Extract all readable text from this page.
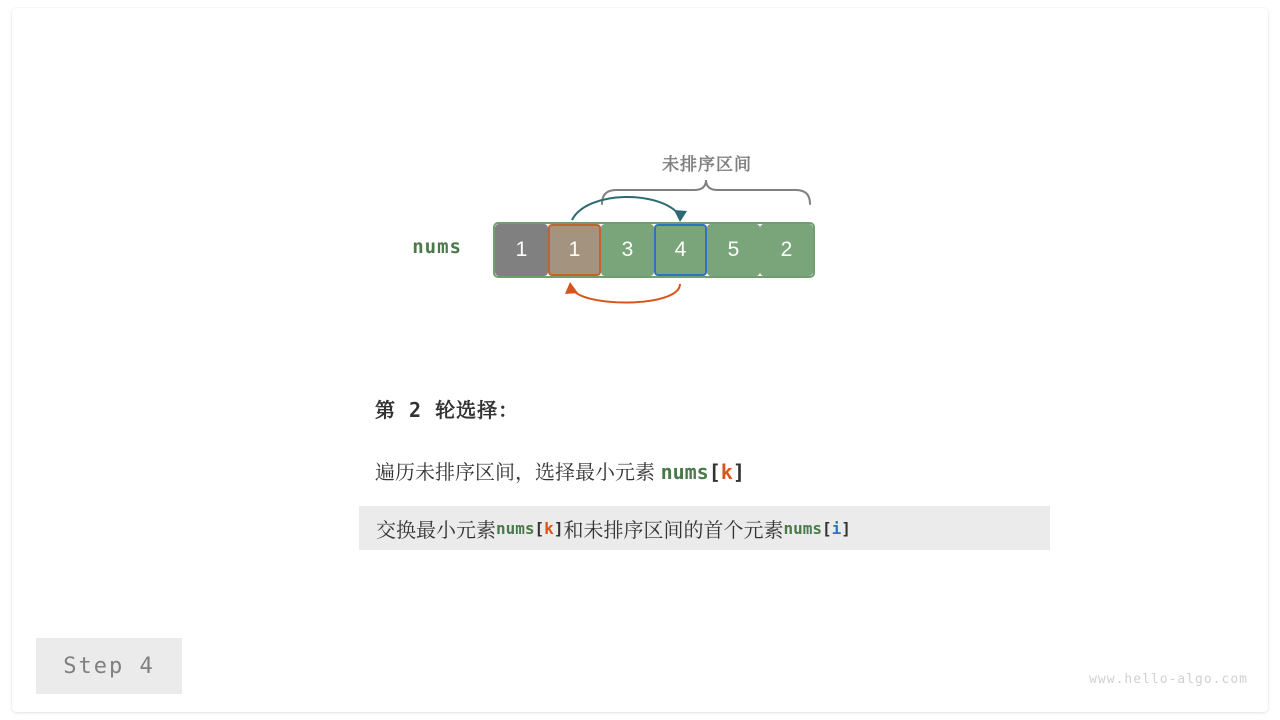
未排序区间
nums	1	1	3	4	5	2
第 2 轮选择：
遍历未排序区间，选择最小元素 nums[k]
交换最小元素 nums [ k ] 和未排序区间的首个元素 nums [ i ]
Step 4
www.hello-algo.com
